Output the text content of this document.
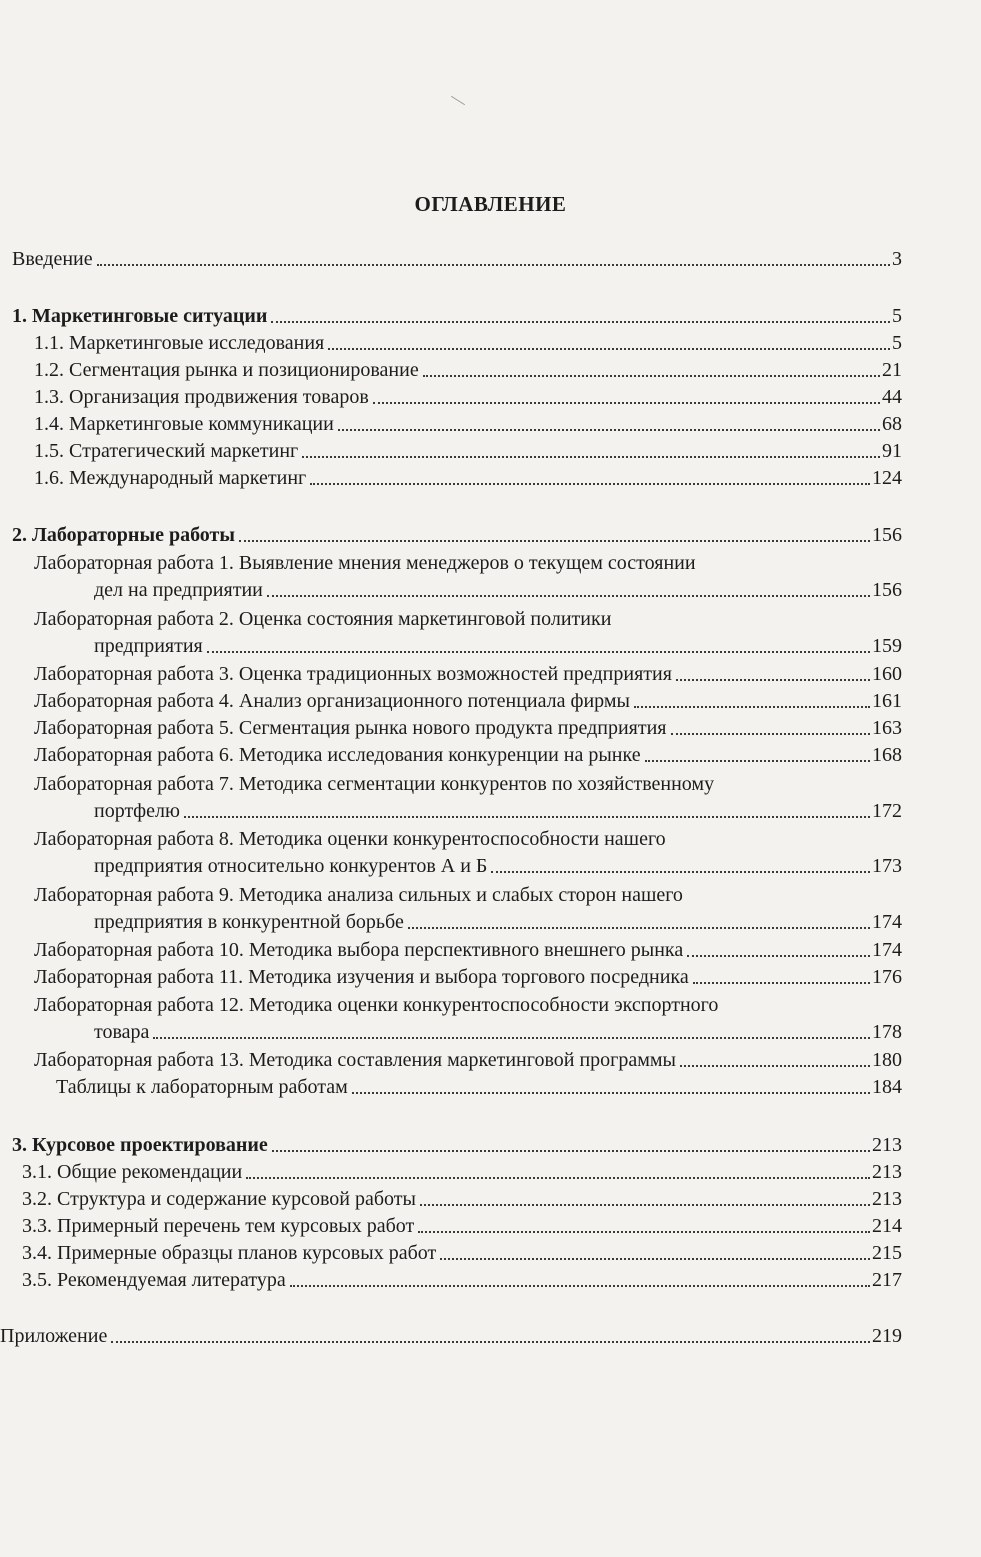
ОГЛАВЛЕНИЕ
Введение	3
1. Маркетинговые ситуации	5
1.1. Маркетинговые исследования	5
1.2. Сегментация рынка и позиционирование	21
1.3. Организация продвижения товаров	44
1.4. Маркетинговые коммуникации	68
1.5. Стратегический маркетинг	91
1.6. Международный маркетинг	124
2. Лабораторные работы	156
Лабораторная работа 1. Выявление мнения менеджеров о текущем состоянии
дел на предприятии	156
Лабораторная работа 2. Оценка состояния маркетинговой политики
предприятия	159
Лабораторная работа 3. Оценка традиционных возможностей предприятия	160
Лабораторная работа 4. Анализ организационного потенциала фирмы	161
Лабораторная работа 5. Сегментация рынка нового продукта предприятия	163
Лабораторная работа 6. Методика исследования конкуренции на рынке	168
Лабораторная работа 7. Методика сегментации конкурентов по хозяйственному
портфелю	172
Лабораторная работа 8. Методика оценки конкурентоспособности нашего
предприятия относительно конкурентов А и Б	173
Лабораторная работа 9. Методика анализа сильных и слабых сторон нашего
предприятия в конкурентной борьбе	174
Лабораторная работа 10. Методика выбора перспективного внешнего рынка	174
Лабораторная работа 11. Методика изучения и выбора торгового посредника	176
Лабораторная работа 12. Методика оценки конкурентоспособности экспортного
товара	178
Лабораторная работа 13. Методика составления маркетинговой программы	180
Таблицы к лабораторным работам	184
3. Курсовое проектирование	213
3.1. Общие рекомендации	213
3.2. Структура и содержание курсовой работы	213
3.3. Примерный перечень тем курсовых работ	214
3.4. Примерные образцы планов курсовых работ	215
3.5. Рекомендуемая литература	217
Приложение	219
